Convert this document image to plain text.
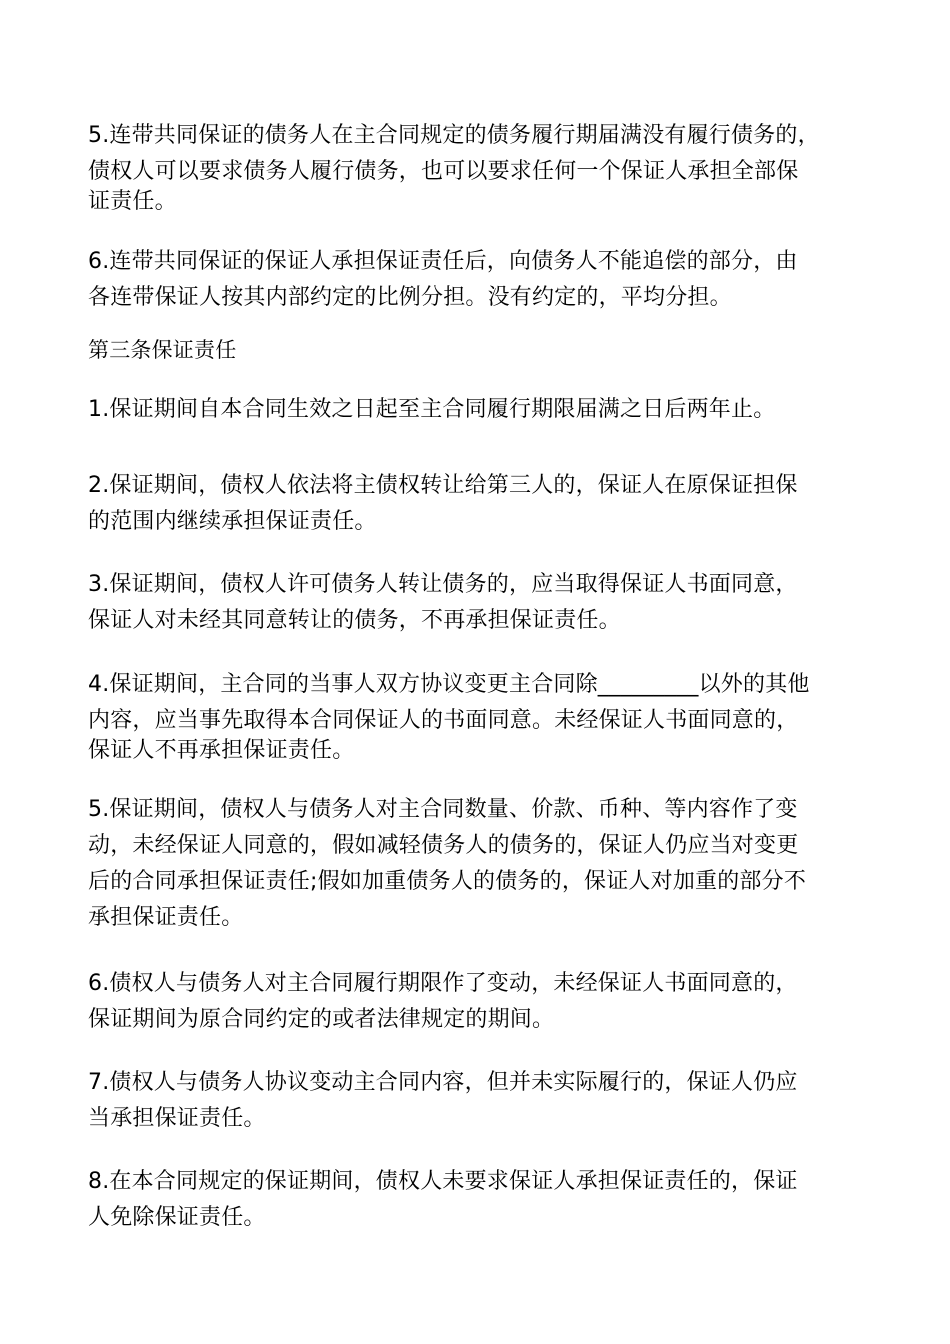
5.连带共同保证的债务人在主合同规定的债务履行期届满没有履行债务的，
债权人可以要求债务人履行债务，也可以要求任何一个保证人承担全部保
证责任。

6.连带共同保证的保证人承担保证责任后，向债务人不能追偿的部分，由
各连带保证人按其内部约定的比例分担。没有约定的，平均分担。

第三条保证责任

1.保证期间自本合同生效之日起至主合同履行期限届满之日后两年止。

2.保证期间，债权人依法将主债权转让给第三人的，保证人在原保证担保
的范围内继续承担保证责任。

3.保证期间，债权人许可债务人转让债务的，应当取得保证人书面同意，
保证人对未经其同意转让的债务，不再承担保证责任。

4.保证期间，主合同的当事人双方协议变更主合同除_________以外的其他
内容，应当事先取得本合同保证人的书面同意。未经保证人书面同意的，
保证人不再承担保证责任。

5.保证期间，债权人与债务人对主合同数量、价款、币种、等内容作了变
动，未经保证人同意的，假如减轻债务人的债务的，保证人仍应当对变更
后的合同承担保证责任;假如加重债务人的债务的，保证人对加重的部分不
承担保证责任。

6.债权人与债务人对主合同履行期限作了变动，未经保证人书面同意的，
保证期间为原合同约定的或者法律规定的期间。

7.债权人与债务人协议变动主合同内容，但并未实际履行的，保证人仍应
当承担保证责任。

8.在本合同规定的保证期间，债权人未要求保证人承担保证责任的，保证
人免除保证责任。
